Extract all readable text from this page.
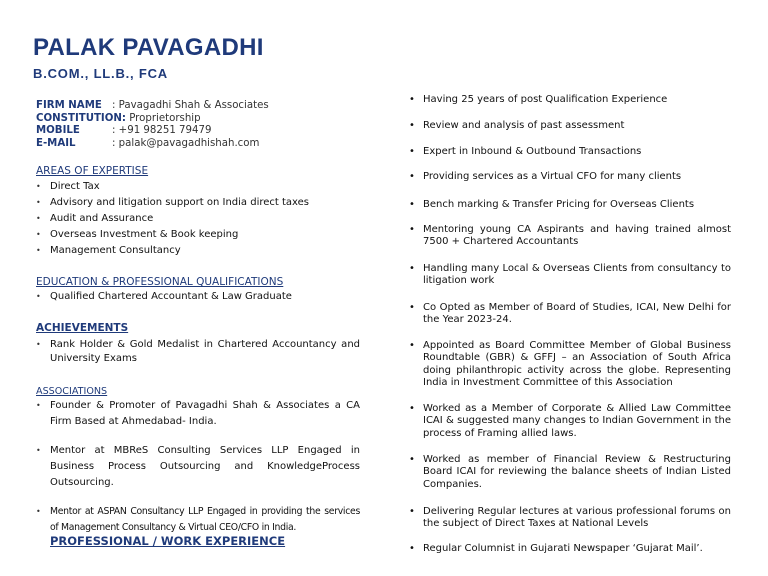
PALAK PAVAGADHI
B.COM., LL.B., FCA
FIRM NAME	: Pavagadhi Shah & Associates
CONSTITUTION: Proprietorship
MOBILE	: +91 98251 79479
E-MAIL	: palak@pavagadhishah.com
AREAS OF EXPERTISE
• Direct Tax
• Advisory and litigation support on India direct taxes
• Audit and Assurance
• Overseas Investment & Book keeping
• Management Consultancy
EDUCATION & PROFESSIONAL QUALIFICATIONS
• Qualified Chartered Accountant & Law Graduate
ACHIEVEMENTS
• Rank Holder & Gold Medalist in Chartered Accountancy and University Exams
ASSOCIATIONS
• Founder & Promoter of Pavagadhi Shah & Associates a CA Firm Based at Ahmedabad- India.
• Mentor at MBReS Consulting Services LLP Engaged in Business Process Outsourcing and KnowledgeProcess Outsourcing.
• Mentor at ASPAN Consultancy LLP Engaged in providing the services of Management Consultancy & Virtual CEO/CFO in India.
PROFESSIONAL / WORK EXPERIENCE
• Having 25 years of post Qualification Experience
• Review and analysis of past assessment
• Expert in Inbound & Outbound Transactions
• Providing services as a Virtual CFO for many clients
• Bench marking & Transfer Pricing for Overseas Clients
• Mentoring young CA Aspirants and having trained almost 7500 + Chartered Accountants
• Handling many Local & Overseas Clients from consultancy to litigation work
• Co Opted as Member of Board of Studies, ICAI, New Delhi for the Year 2023-24.
• Appointed as Board Committee Member of Global Business Roundtable (GBR) & GFFJ – an Association of South Africa doing philanthropic activity across the globe. Representing India in Investment Committee of this Association
• Worked as a Member of Corporate & Allied Law Committee ICAI & suggested many changes to Indian Government in the process of Framing allied laws.
• Worked as member of Financial Review & Restructuring Board ICAI for reviewing the balance sheets of Indian Listed Companies.
• Delivering Regular lectures at various professional forums on the subject of Direct Taxes at National Levels
• Regular Columnist in Gujarati Newspaper ‘Gujarat Mail’.
